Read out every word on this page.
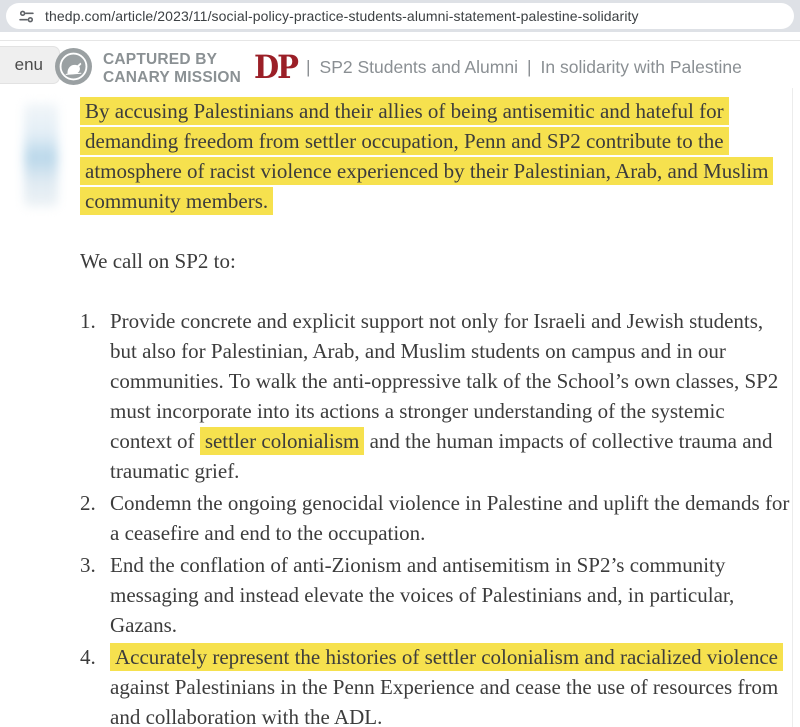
thedp.com/article/2023/11/social-policy-practice-students-alumni-statement-palestine-solidarity
enu	CAPTURED BY
CANARY MISSION DP | SP2 Students and Alumni | In solidarity with Palestine
By accusing Palestinians and their allies of being antisemitic and hateful for
demanding freedom from settler occupation, Penn and SP2 contribute to the
atmosphere of racist violence experienced by their Palestinian, Arab, and Muslim
community members.
We call on SP2 to:
1. Provide concrete and explicit support not only for Israeli and Jewish students,
but also for Palestinian, Arab, and Muslim students on campus and in our
communities. To walk the anti-oppressive talk of the School’s own classes, SP2
must incorporate into its actions a stronger understanding of the systemic
context of settler colonialism and the human impacts of collective trauma and
traumatic grief.
2. Condemn the ongoing genocidal violence in Palestine and uplift the demands for
a ceasefire and end to the occupation.
3. End the conflation of anti-Zionism and antisemitism in SP2’s community
messaging and instead elevate the voices of Palestinians and, in particular,
Gazans.
4. Accurately represent the histories of settler colonialism and racialized violence
against Palestinians in the Penn Experience and cease the use of resources from
and collaboration with the ADL.
